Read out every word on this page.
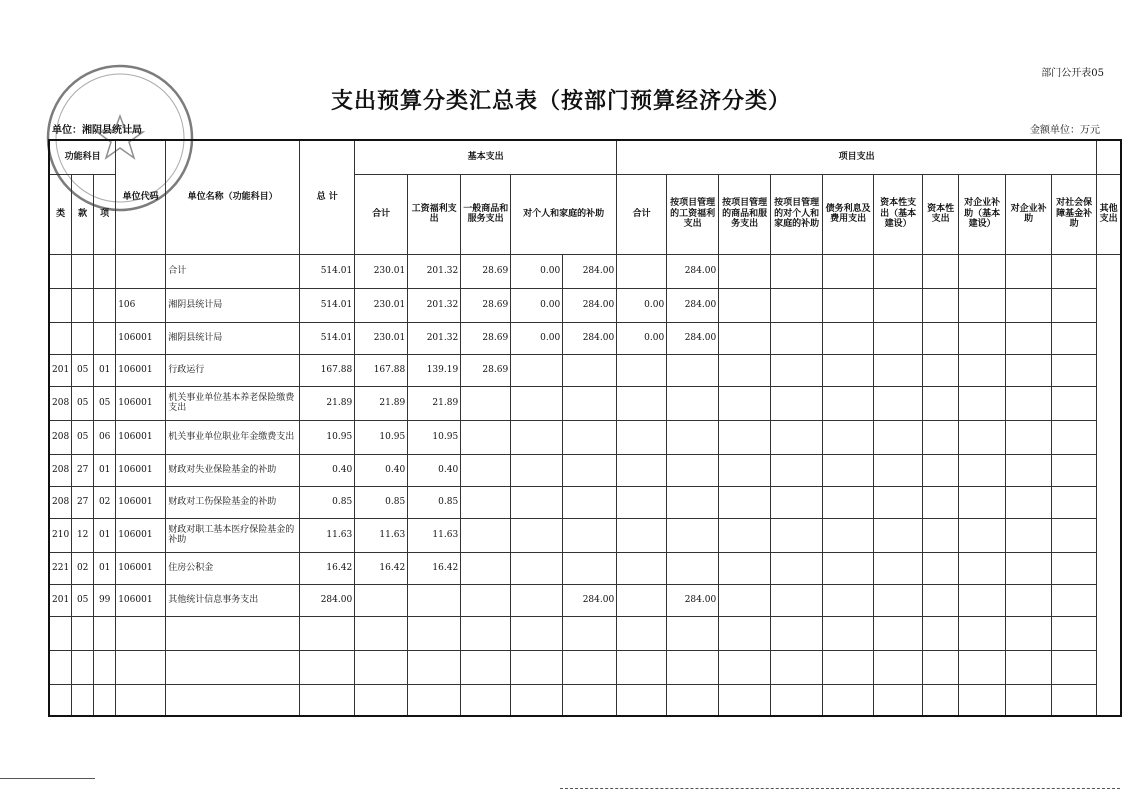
部门公开表05
支出预算分类汇总表（按部门预算经济分类）
单位：湘阴县统计局	金额单位：万元
功能科目			单位代码	单位名称（功能科目）	总 计	基本支出					项目支出										
类	款	项				合计	工资福利支出	一般商品和服务支出	对个人和家庭的补助		合计	按项目管理的工资福利支出	按项目管理的商品和服务支出	按项目管理的对个人和家庭的补助	债务利息及费用支出	资本性支出（基本建设）	资本性支出	对企业补助（基本建设）	对企业补助	对社会保障基金补助	其他支出
				合计	514.01	230.01	201.32	28.69	0.00	284.00		284.00									
			106	湘阴县统计局	514.01	230.01	201.32	28.69	0.00	284.00	0.00	284.00									
			106001	湘阴县统计局	514.01	230.01	201.32	28.69	0.00	284.00	0.00	284.00									
201	05	01	106001	行政运行	167.88	167.88	139.19	28.69													
208	05	05	106001	机关事业单位基本养老保险缴费支出	21.89	21.89	21.89														
208	05	06	106001	机关事业单位职业年金缴费支出	10.95	10.95	10.95														
208	27	01	106001	财政对失业保险基金的补助	0.40	0.40	0.40														
208	27	02	106001	财政对工伤保险基金的补助	0.85	0.85	0.85														
210	12	01	106001	财政对职工基本医疗保险基金的补助	11.63	11.63	11.63														
221	02	01	106001	住房公积金	16.42	16.42	16.42														
201	05	99	106001	其他统计信息事务支出	284.00					284.00		284.00									
